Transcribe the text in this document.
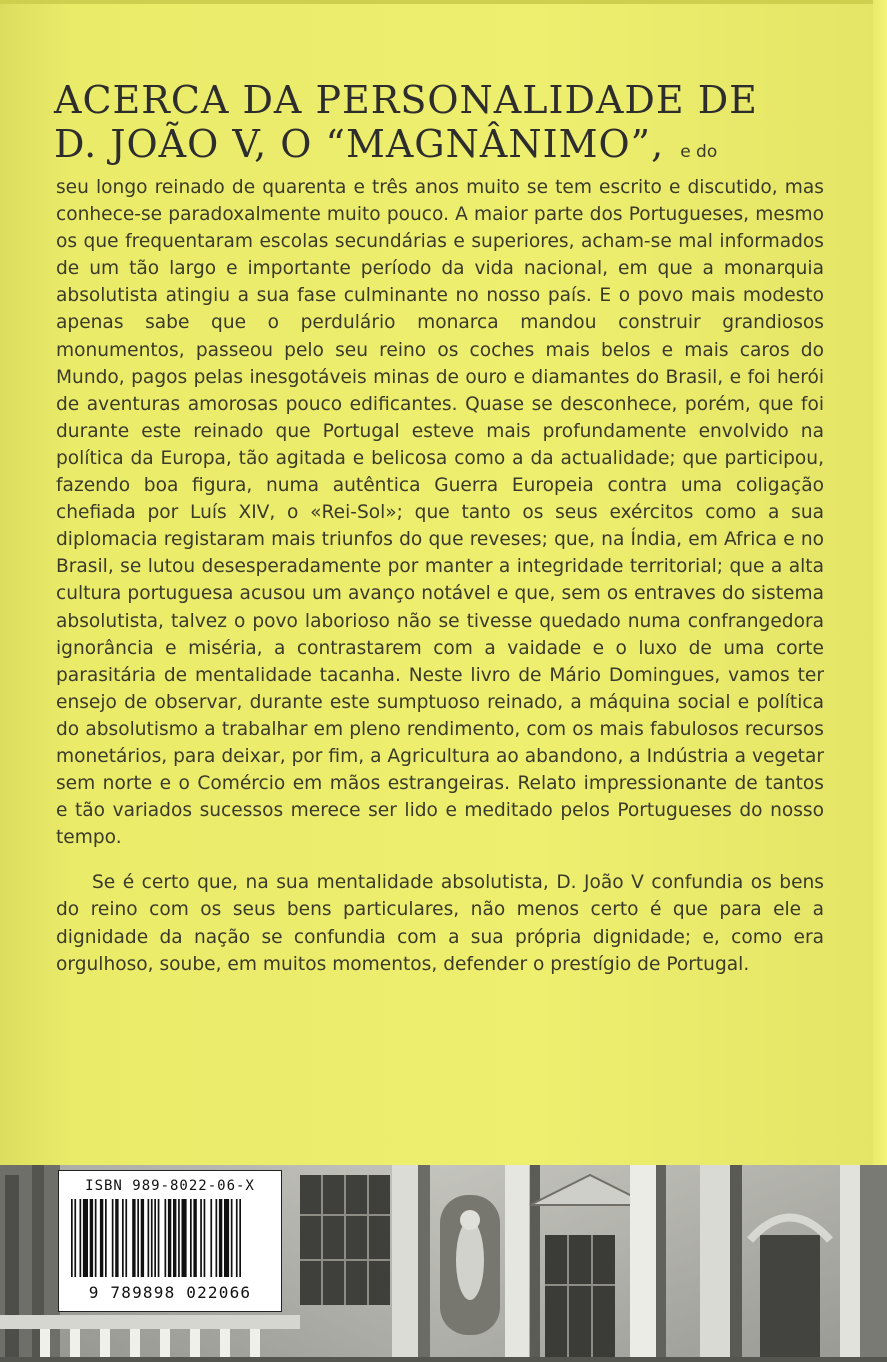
ACERCA DA PERSONALIDADE DE

D. JOÃO V, O “MAGNÂNIMO”, e do

seu longo reinado de quarenta e três anos muito se tem escrito e discutido, mas conhece-se paradoxalmente muito pouco. A maior parte dos Portugueses, mesmo os que frequentaram escolas secundárias e superiores, acham-se mal informados de um tão largo e importante período da vida nacional, em que a monarquia absolutista atingiu a sua fase culminante no nosso país. E o povo mais modesto apenas sabe que o perdulário monarca mandou construir grandiosos monumentos, passeou pelo seu reino os coches mais belos e mais caros do Mundo, pagos pelas inesgotáveis minas de ouro e diamantes do Brasil, e foi herói de aventuras amorosas pouco edificantes. Quase se desconhece, porém, que foi durante este reinado que Portugal esteve mais profundamente envolvido na política da Europa, tão agitada e belicosa como a da actualidade; que participou, fazendo boa figura, numa autêntica Guerra Europeia contra uma coligação chefiada por Luís XIV, o «Rei-Sol»; que tanto os seus exércitos como a sua diplomacia registaram mais triunfos do que reveses; que, na Índia, em Africa e no Brasil, se lutou desesperadamente por manter a integridade territorial; que a alta cultura portuguesa acusou um avanço notável e que, sem os entraves do sistema absolutista, talvez o povo laborioso não se tivesse quedado numa confrangedora ignorância e miséria, a contrastarem com a vaidade e o luxo de uma corte parasitária de mentalidade tacanha. Neste livro de Mário Domingues, vamos ter ensejo de observar, durante este sumptuoso reinado, a máquina social e política do absolutismo a trabalhar em pleno rendimento, com os mais fabulosos recursos monetários, para deixar, por fim, a Agricultura ao abandono, a Indústria a vegetar sem norte e o Comércio em mãos estrangeiras. Relato impressionante de tantos e tão variados sucessos merece ser lido e meditado pelos Portugueses do nosso tempo.

Se é certo que, na sua mentalidade absolutista, D. João V confundia os bens do reino com os seus bens particulares, não menos certo é que para ele a dignidade da nação se confundia com a sua própria dignidade; e, como era orgulhoso, soube, em muitos momentos, defender o prestígio de Portugal.

ISBN 989-8022-06-X
9 789898 022066
